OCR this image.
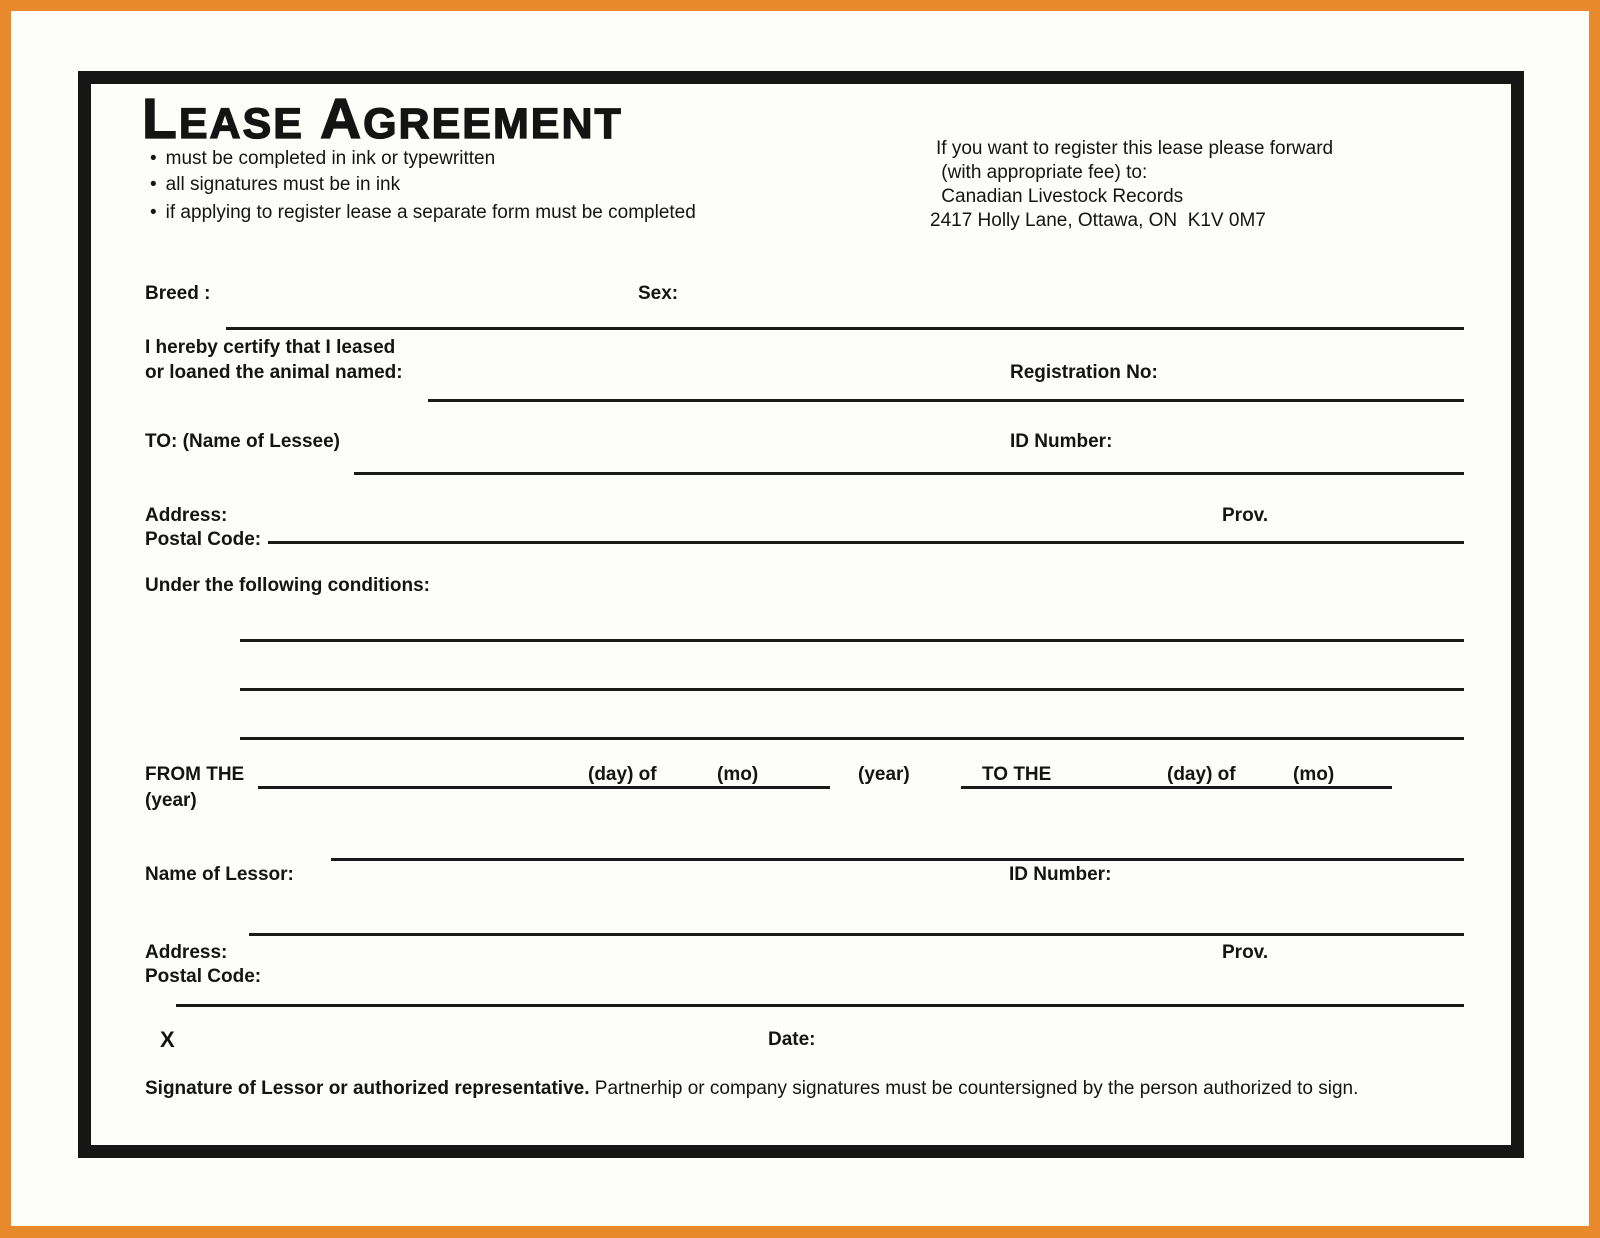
LEASE AGREEMENT
• must be completed in ink or typewritten
• all signatures must be in ink
• if applying to register lease a separate form must be completed
If you want to register this lease please forward
(with appropriate fee) to:
Canadian Livestock Records
2417 Holly Lane, Ottawa, ON  K1V 0M7
Breed :	Sex:
I hereby certify that I leased
or loaned the animal named:	Registration No:
TO: (Name of Lessee)	ID Number:
Address:	Prov.
Postal Code:
Under the following conditions:
FROM THE	(day) of	(mo)	(year)	TO THE	(day) of	(mo)
(year)
Name of Lessor:	ID Number:
Address:	Prov.
Postal Code:
X	Date:
Signature of Lessor or authorized representative. Partnerhip or company signatures must be countersigned by the person authorized to sign.
